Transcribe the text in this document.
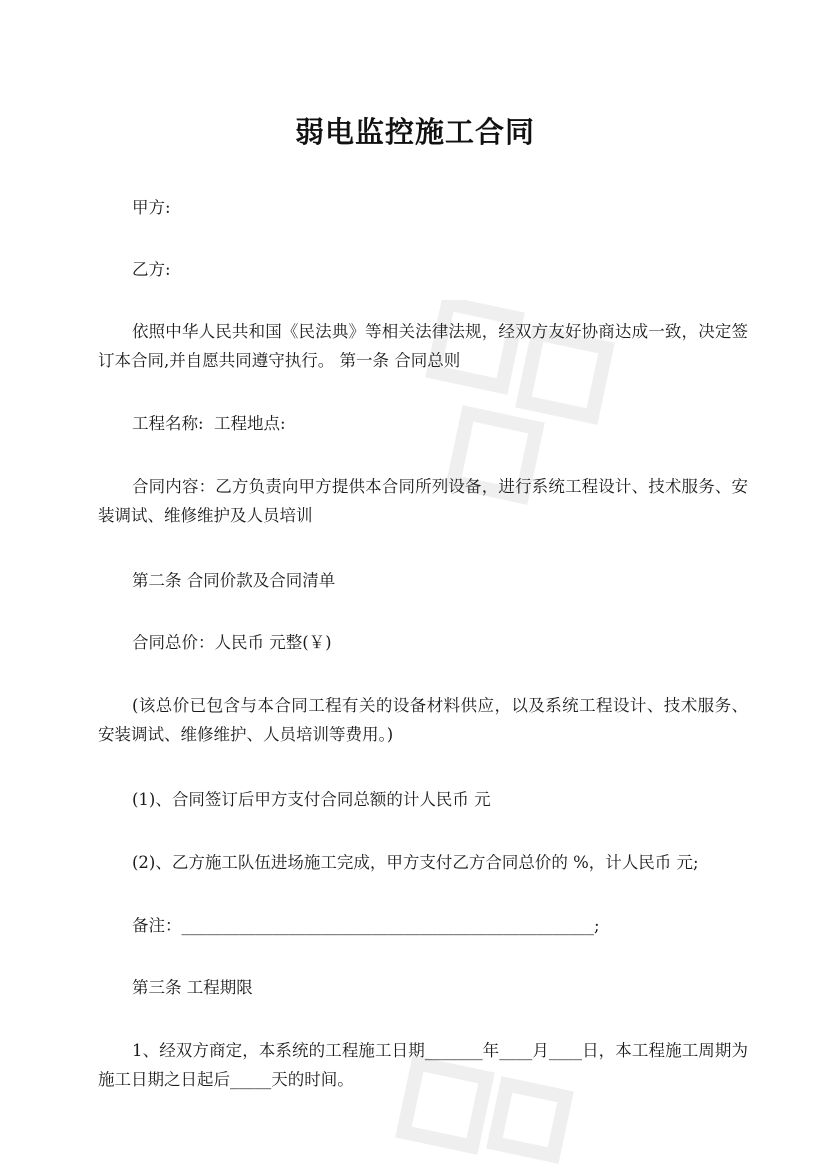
弱电监控施工合同
甲方:
乙方:
依照中华人民共和国《民法典》等相关法律法规，经双方友好协商达成一致，决定签订本合同,并自愿共同遵守执行。 第一条 合同总则
工程名称:  工程地点:
合同内容：乙方负责向甲方提供本合同所列设备，进行系统工程设计、技术服务、安装调试、维修维护及人员培训
第二条 合同价款及合同清单
合同总价：人民币 元整(￥)
(该总价已包含与本合同工程有关的设备材料供应，以及系统工程设计、技术服务、安装调试、维修维护、人员培训等费用。)
(1)、合同签订后甲方支付合同总额的计人民币 元
(2)、乙方施工队伍进场施工完成，甲方支付乙方合同总价的 %，计人民币 元;
备注：__________________________________________________;
第三条 工程期限
1、经双方商定，本系统的工程施工日期_______年____月____日，本工程施工周期为施工日期之日起后_____天的时间。
